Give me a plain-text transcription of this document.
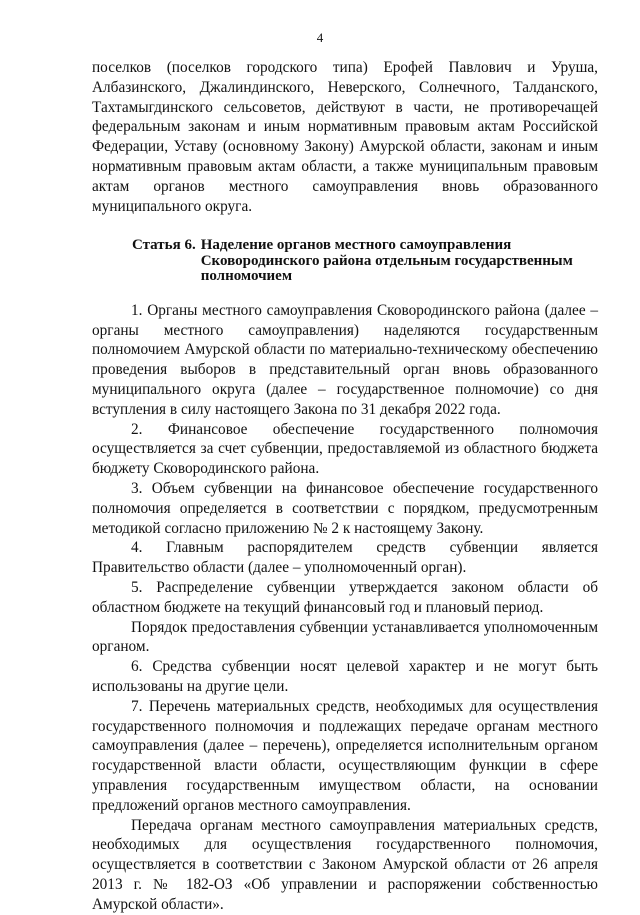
4

поселков (поселков городского типа) Ерофей Павлович и Уруша, Албазинского, Джалиндинского, Неверского, Солнечного, Талданского, Тахтамыгдинского сельсоветов, действуют в части, не противоречащей федеральным законам и иным нормативным правовым актам Российской Федерации, Уставу (основному Закону) Амурской области, законам и иным нормативным правовым актам области, а также муниципальным правовым актам органов местного самоуправления вновь образованного муниципального округа.

Статья 6. Наделение органов местного самоуправления Сковородинского района отдельным государственным полномочием

1. Органы местного самоуправления Сковородинского района (далее – органы местного самоуправления) наделяются государственным полномочием Амурской области по материально-техническому обеспечению проведения выборов в представительный орган вновь образованного муниципального округа (далее – государственное полномочие) со дня вступления в силу настоящего Закона по 31 декабря 2022 года.

2. Финансовое обеспечение государственного полномочия осуществляется за счет субвенции, предоставляемой из областного бюджета бюджету Сковородинского района.

3. Объем субвенции на финансовое обеспечение государственного полномочия определяется в соответствии с порядком, предусмотренным методикой согласно приложению № 2 к настоящему Закону.

4. Главным распорядителем средств субвенции является Правительство области (далее – уполномоченный орган).

5. Распределение субвенции утверждается законом области об областном бюджете на текущий финансовый год и плановый период.

Порядок предоставления субвенции устанавливается уполномоченным органом.

6. Средства субвенции носят целевой характер и не могут быть использованы на другие цели.

7. Перечень материальных средств, необходимых для осуществления государственного полномочия и подлежащих передаче органам местного самоуправления (далее – перечень), определяется исполнительным органом государственной власти области, осуществляющим функции в сфере управления государственным имуществом области, на основании предложений органов местного самоуправления.

Передача органам местного самоуправления материальных средств, необходимых для осуществления государственного полномочия, осуществляется в соответствии с Законом Амурской области от 26 апреля 2013 г. № 182-ОЗ «Об управлении и распоряжении собственностью Амурской области».
